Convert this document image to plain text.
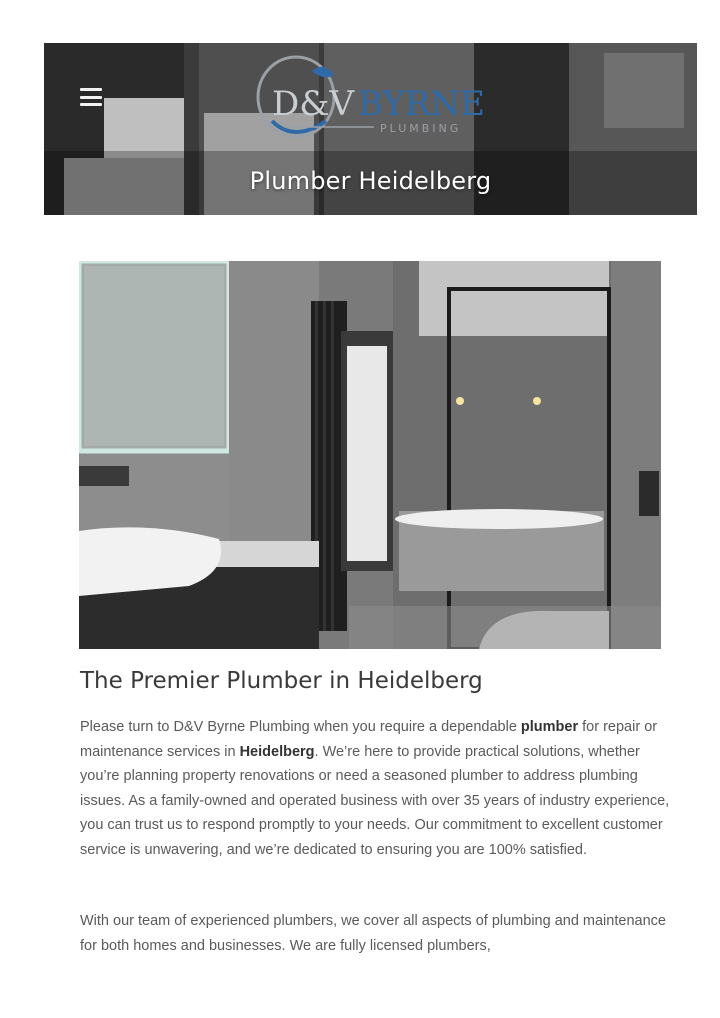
D&V BYRNE
PLUMBING
Plumber Heidelberg
The Premier Plumber in Heidelberg

Please turn to D&V Byrne Plumbing when you require a dependable plumber for repair or maintenance services in Heidelberg. We’re here to provide practical solutions, whether you’re planning property renovations or need a seasoned plumber to address plumbing issues. As a family-owned and operated business with over 35 years of industry experience, you can trust us to respond promptly to your needs. Our commitment to excellent customer service is unwavering, and we’re dedicated to ensuring you are 100% satisfied.

With our team of experienced plumbers, we cover all aspects of plumbing and maintenance for both homes and businesses. We are fully licensed plumbers,
